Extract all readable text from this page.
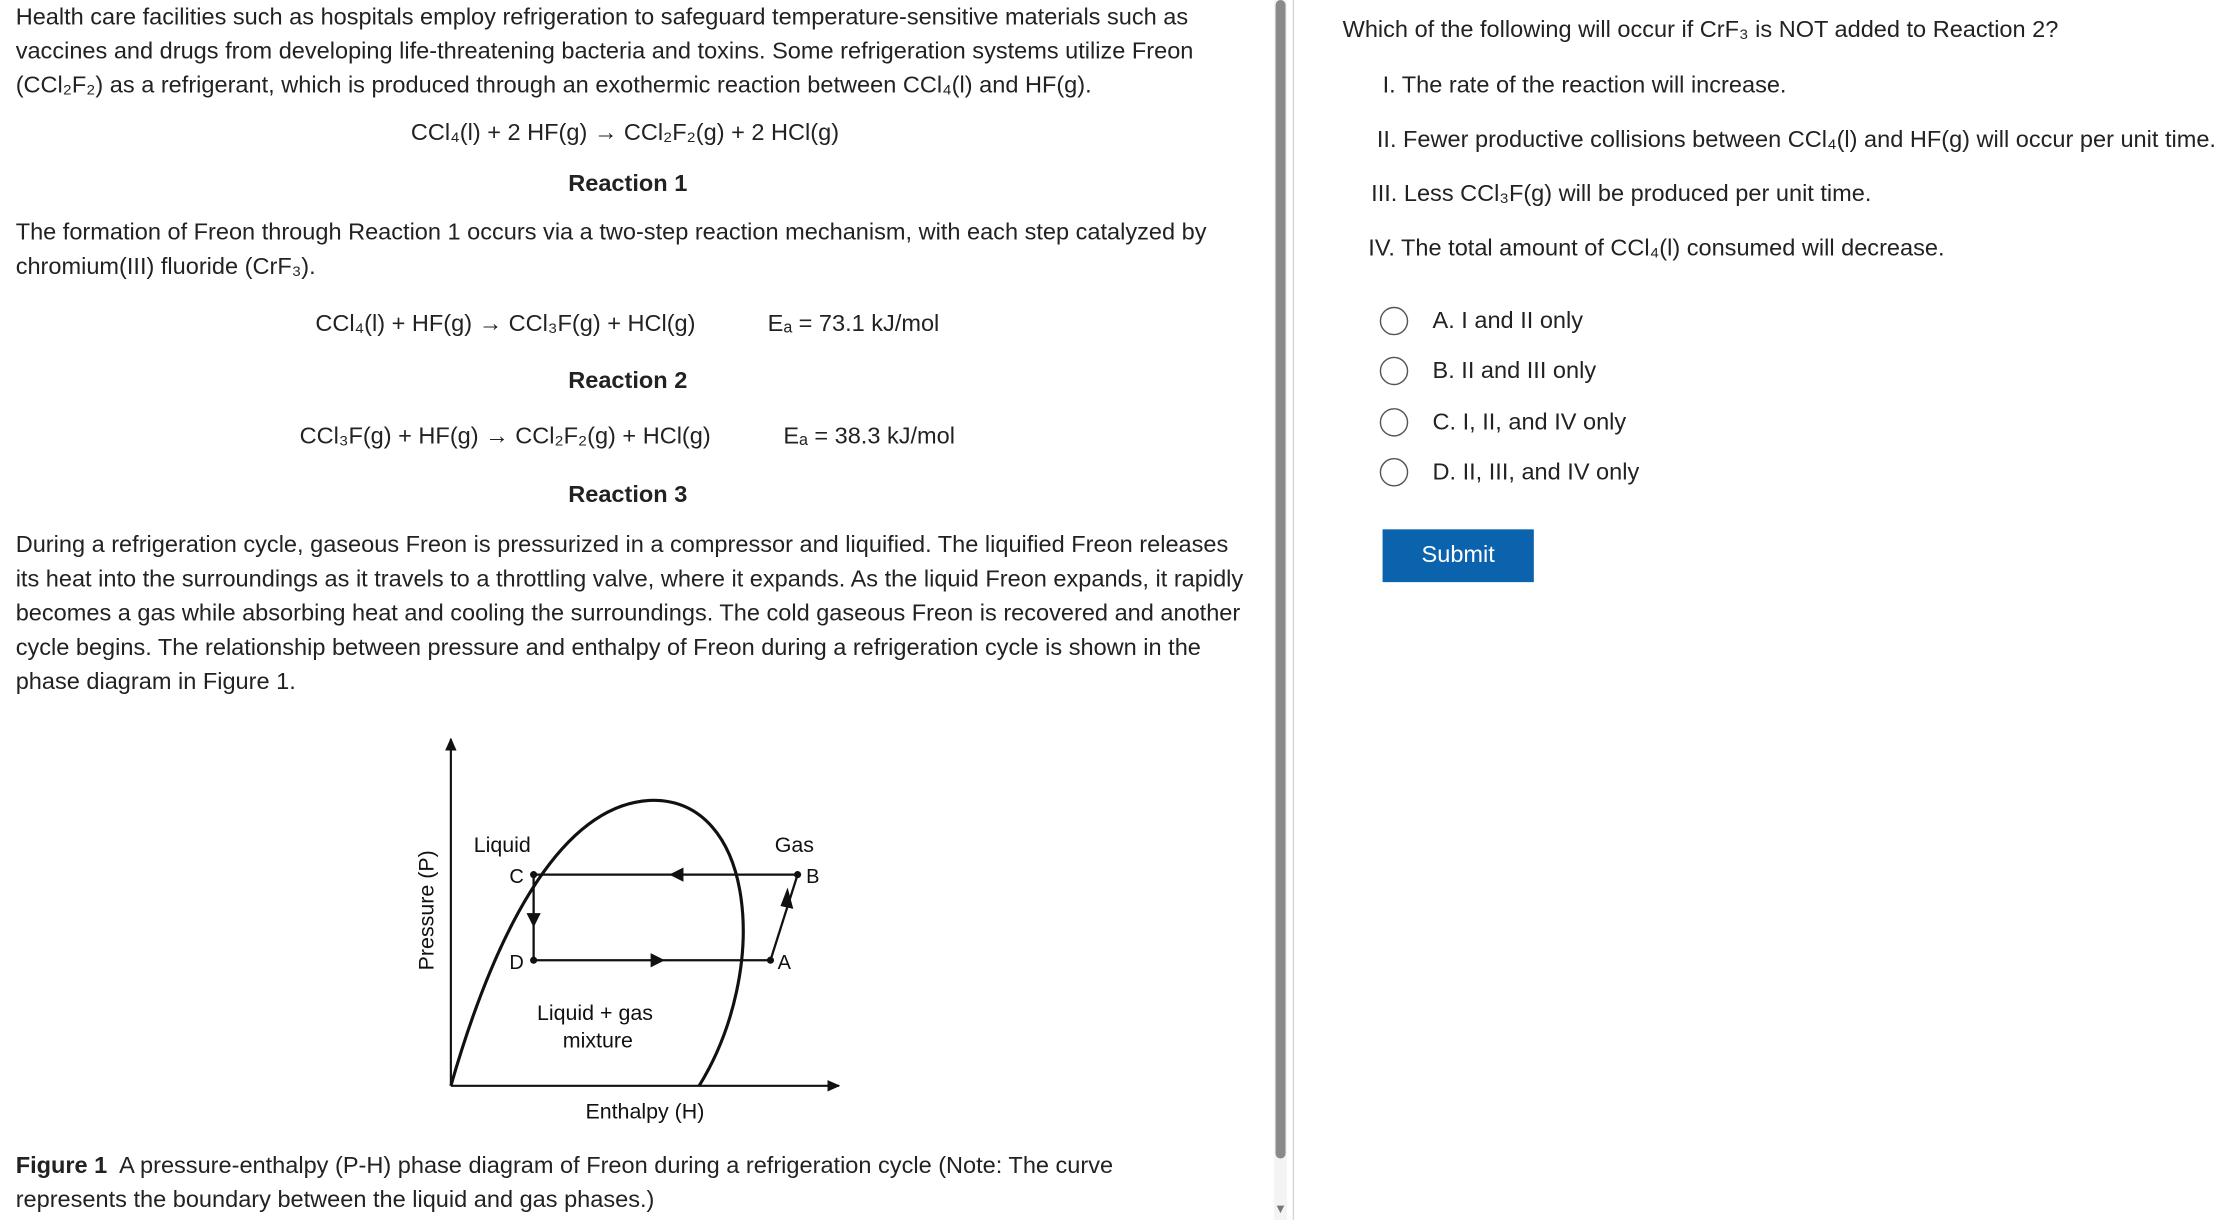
Health care facilities such as hospitals employ refrigeration to safeguard temperature-sensitive materials such as vaccines and drugs from developing life-threatening bacteria and toxins. Some refrigeration systems utilize Freon (CCl₂F₂) as a refrigerant, which is produced through an exothermic reaction between CCl₄(l) and HF(g).

CCl₄(l) + 2 HF(g) → CCl₂F₂(g) + 2 HCl(g)
Reaction 1

The formation of Freon through Reaction 1 occurs via a two-step reaction mechanism, with each step catalyzed by chromium(III) fluoride (CrF₃).

CCl₄(l) + HF(g) → CCl₃F(g) + HCl(g)	Eₐ = 73.1 kJ/mol
Reaction 2
CCl₃F(g) + HF(g) → CCl₂F₂(g) + HCl(g)	Eₐ = 38.3 kJ/mol
Reaction 3

During a refrigeration cycle, gaseous Freon is pressurized in a compressor and liquified. The liquified Freon releases its heat into the surroundings as it travels to a throttling valve, where it expands. As the liquid Freon expands, it rapidly becomes a gas while absorbing heat and cooling the surroundings. The cold gaseous Freon is recovered and another cycle begins. The relationship between pressure and enthalpy of Freon during a refrigeration cycle is shown in the phase diagram in Figure 1.

Liquid	Gas
C	B
D	A
Liquid + gas
mixture
Enthalpy (H)
Pressure (P)
Figure 1 A pressure-enthalpy (P-H) phase diagram of Freon during a refrigeration cycle (Note: The curve represents the boundary between the liquid and gas phases.)	▼
Which of the following will occur if CrF₃ is NOT added to Reaction 2?
I. The rate of the reaction will increase.
II. Fewer productive collisions between CCl₄(l) and HF(g) will occur per unit time.
III. Less CCl₃F(g) will be produced per unit time.
IV. The total amount of CCl₄(l) consumed will decrease.
A. I and II only
B. II and III only
C. I, II, and IV only
D. II, III, and IV only
Submit
